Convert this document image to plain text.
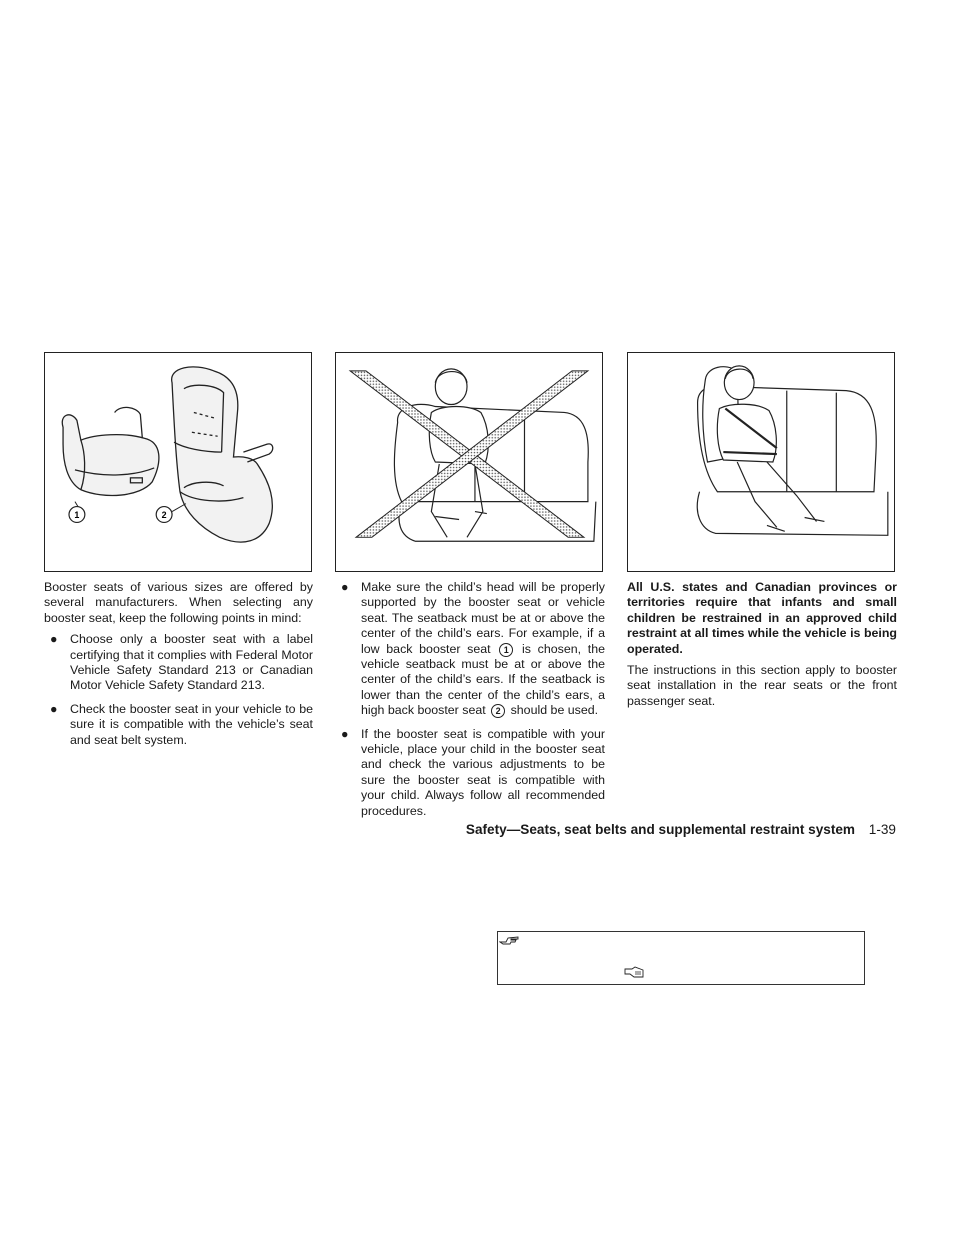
1	2

Booster seats of various sizes are offered by several manufacturers. When selecting any booster seat, keep the following points in mind:

● Choose only a booster seat with a label certifying that it complies with Federal Motor Vehicle Safety Standard 213 or Canadian Motor Vehicle Safety Standard 213.
● Check the booster seat in your vehicle to be sure it is compatible with the vehicle’s seat and seat belt system.
● Make sure the child’s head will be properly supported by the booster seat or vehicle seat. The seatback must be at or above the center of the child’s ears. For example, if a low back booster seat 1 is chosen, the vehicle seatback must be at or above the center of the child’s ears. If the seatback is lower than the center of the child’s ears, a high back booster seat 2 should be used.
● If the booster seat is compatible with your vehicle, place your child in the booster seat and check the various adjustments to be sure the booster seat is compatible with your child. Always follow all recommended procedures.

All U.S. states and Canadian provinces or territories require that infants and small children be restrained in an approved child restraint at all times while the vehicle is being operated.

The instructions in this section apply to booster seat installation in the rear seats or the front passenger seat.

Safety—Seats, seat belts and supplemental restraint system 1-39
